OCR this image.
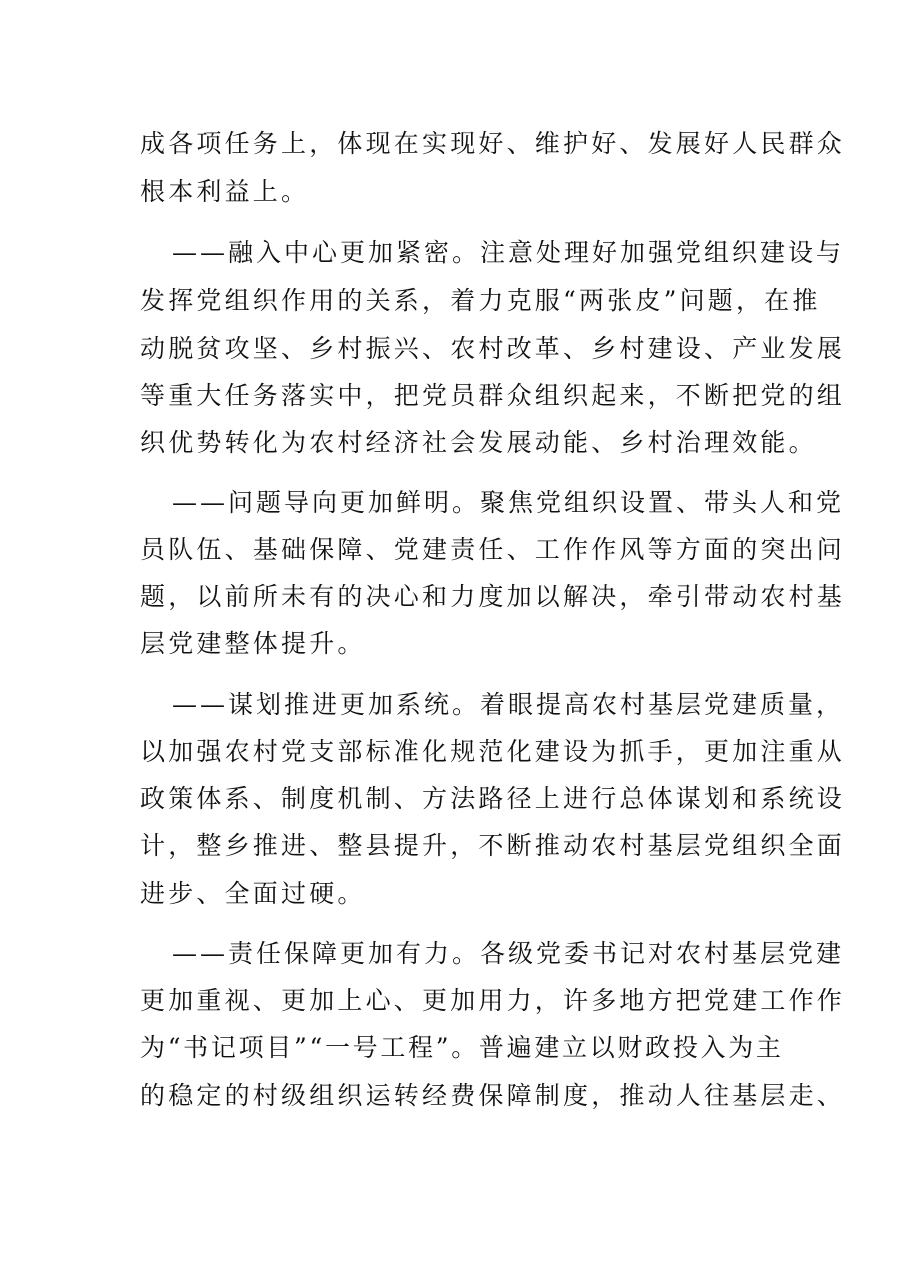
成各项任务上，体现在实现好、维护好、发展好人民群众
根本利益上。
——融入中心更加紧密。注意处理好加强党组织建设与
发挥党组织作用的关系，着力克服“两张皮”问题，在推
动脱贫攻坚、乡村振兴、农村改革、乡村建设、产业发展
等重大任务落实中，把党员群众组织起来，不断把党的组
织优势转化为农村经济社会发展动能、乡村治理效能。
——问题导向更加鲜明。聚焦党组织设置、带头人和党
员队伍、基础保障、党建责任、工作作风等方面的突出问
题，以前所未有的决心和力度加以解决，牵引带动农村基
层党建整体提升。
——谋划推进更加系统。着眼提高农村基层党建质量，
以加强农村党支部标准化规范化建设为抓手，更加注重从
政策体系、制度机制、方法路径上进行总体谋划和系统设
计，整乡推进、整县提升，不断推动农村基层党组织全面
进步、全面过硬。
——责任保障更加有力。各级党委书记对农村基层党建
更加重视、更加上心、更加用力，许多地方把党建工作作
为“书记项目”“一号工程”。普遍建立以财政投入为主
的稳定的村级组织运转经费保障制度，推动人往基层走、
